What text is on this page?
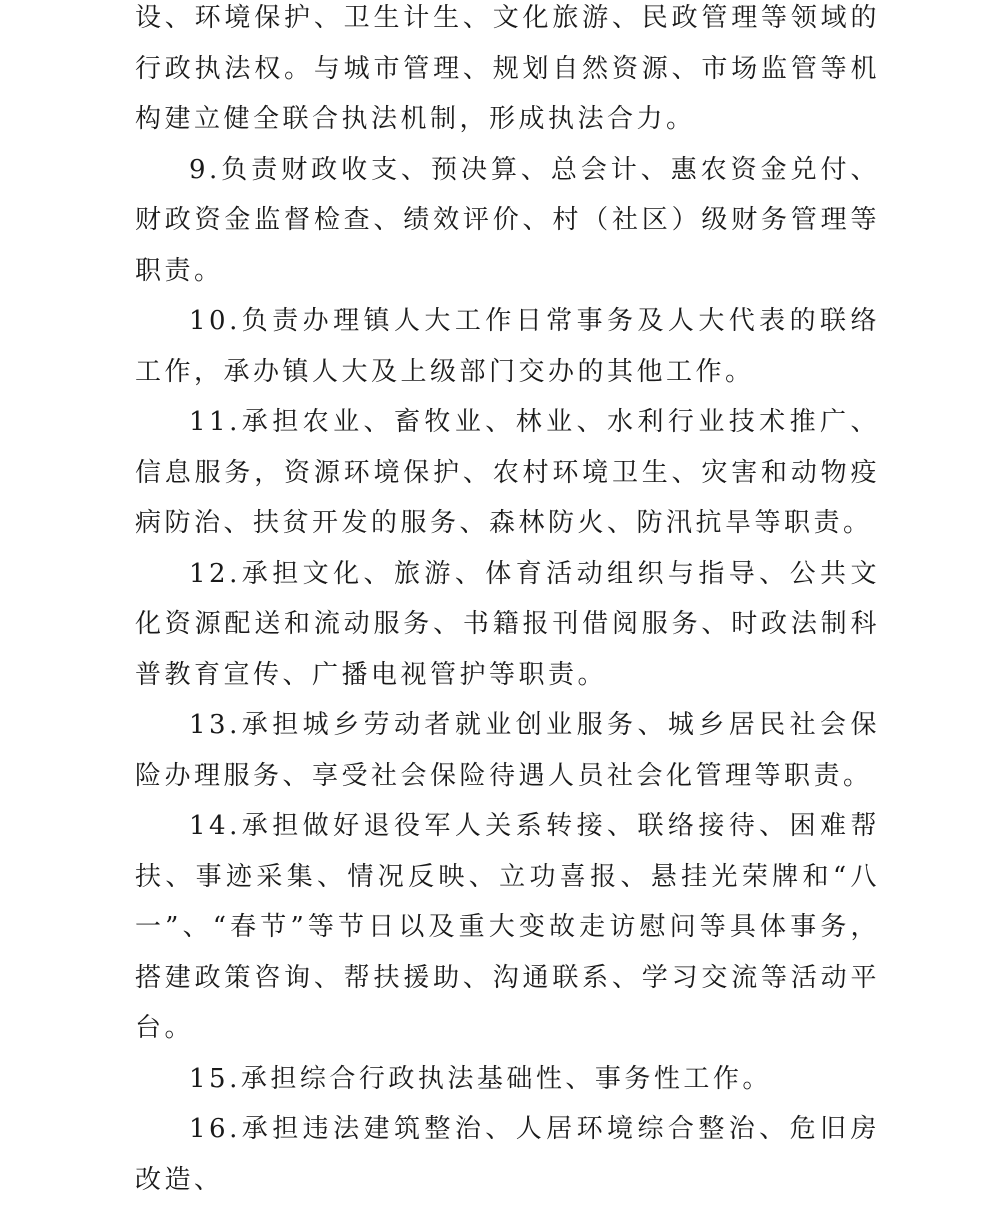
设、环境保护、卫生计生、文化旅游、民政管理等领域的行政执法权。与城市管理、规划自然资源、市场监管等机构建立健全联合执法机制，形成执法合力。

9.负责财政收支、预决算、总会计、惠农资金兑付、财政资金监督检查、绩效评价、村（社区）级财务管理等职责。

10.负责办理镇人大工作日常事务及人大代表的联络工作，承办镇人大及上级部门交办的其他工作。

11.承担农业、畜牧业、林业、水利行业技术推广、信息服务，资源环境保护、农村环境卫生、灾害和动物疫病防治、扶贫开发的服务、森林防火、防汛抗旱等职责。

12.承担文化、旅游、体育活动组织与指导、公共文化资源配送和流动服务、书籍报刊借阅服务、时政法制科普教育宣传、广播电视管护等职责。

13.承担城乡劳动者就业创业服务、城乡居民社会保险办理服务、享受社会保险待遇人员社会化管理等职责。

14.承担做好退役军人关系转接、联络接待、困难帮扶、事迹采集、情况反映、立功喜报、悬挂光荣牌和“八一”、“春节”等节日以及重大变故走访慰问等具体事务，搭建政策咨询、帮扶援助、沟通联系、学习交流等活动平台。

15.承担综合行政执法基础性、事务性工作。

16.承担违法建筑整治、人居环境综合整治、危旧房改造、
